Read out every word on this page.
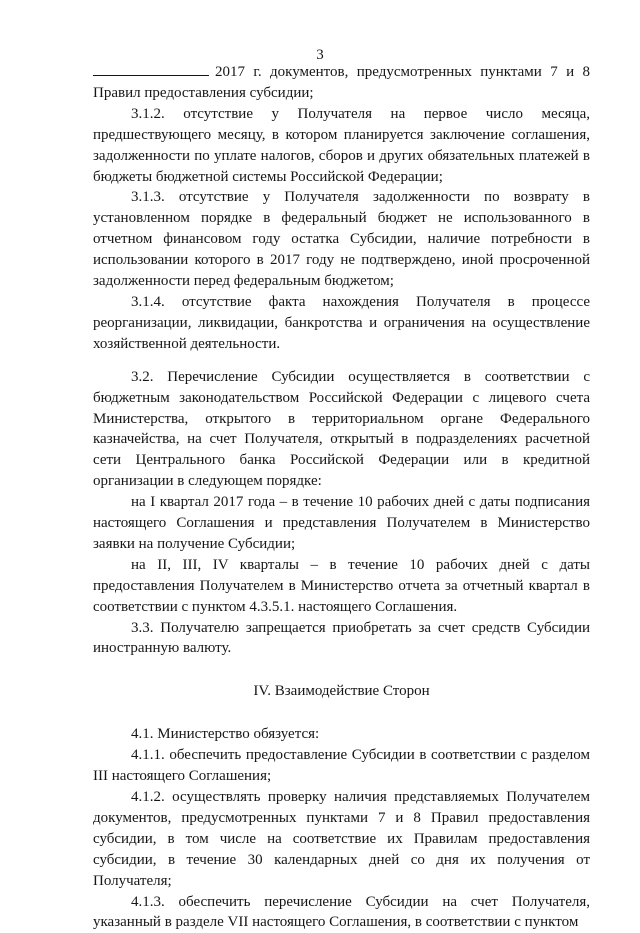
3

2017 г. документов, предусмотренных пунктами 7 и 8 Правил предоставления субсидии;

3.1.2. отсутствие у Получателя на первое число месяца, предшествующего месяцу, в котором планируется заключение соглашения, задолженности по уплате налогов, сборов и других обязательных платежей в бюджеты бюджетной системы Российской Федерации;

3.1.3. отсутствие у Получателя задолженности по возврату в установленном порядке в федеральный бюджет не использованного в отчетном финансовом году остатка Субсидии, наличие потребности в использовании которого в 2017 году не подтверждено, иной просроченной задолженности перед федеральным бюджетом;

3.1.4. отсутствие факта нахождения Получателя в процессе реорганизации, ликвидации, банкротства и ограничения на осуществление хозяйственной деятельности.

3.2. Перечисление Субсидии осуществляется в соответствии с бюджетным законодательством Российской Федерации с лицевого счета Министерства, открытого в территориальном органе Федерального казначейства, на счет Получателя, открытый в подразделениях расчетной сети Центрального банка Российской Федерации или в кредитной организации в следующем порядке:

на I квартал 2017 года – в течение 10 рабочих дней с даты подписания настоящего Соглашения и представления Получателем в Министерство заявки на получение Субсидии;

на II, III, IV кварталы – в течение 10 рабочих дней с даты предоставления Получателем в Министерство отчета за отчетный квартал в соответствии с пунктом 4.3.5.1. настоящего Соглашения.

3.3. Получателю запрещается приобретать за счет средств Субсидии иностранную валюту.

IV. Взаимодействие Сторон

4.1. Министерство обязуется:

4.1.1. обеспечить предоставление Субсидии в соответствии с разделом III настоящего Соглашения;

4.1.2. осуществлять проверку наличия представляемых Получателем документов, предусмотренных пунктами 7 и 8 Правил предоставления субсидии, в том числе на соответствие их Правилам предоставления субсидии, в течение 30 календарных дней со дня их получения от Получателя;

4.1.3. обеспечить перечисление Субсидии на счет Получателя, указанный в разделе VII настоящего Соглашения, в соответствии с пунктом
